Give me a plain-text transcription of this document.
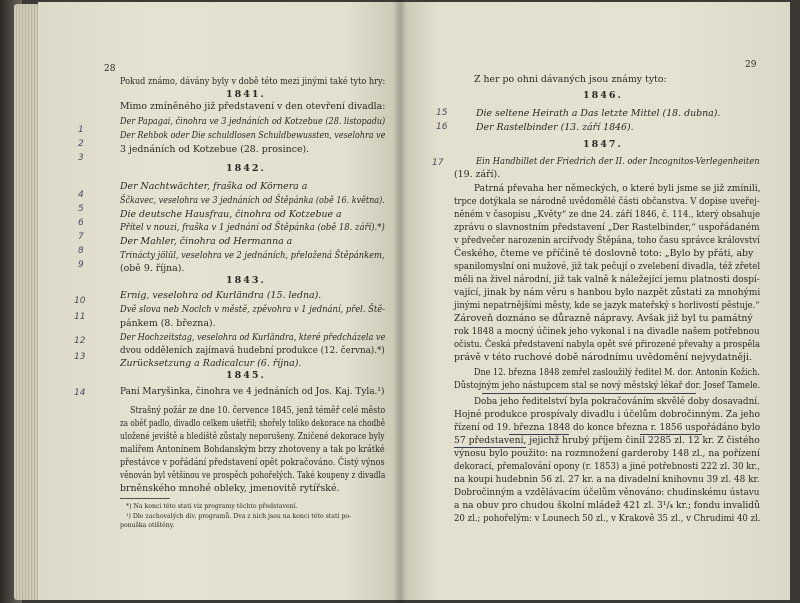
28
Pokud známo, dávány byly v době této mezi jinými také tyto hry:
1841.
Mimo zmíněného již představení v den otevření divadla:
Der Papagai, činohra ve 3 jednáních od Kotzebue (28. listopadu)
Der Rehbok oder Die schuldlosen Schuldbewussten, veselohra ve
3 jednáních od Kotzebue (28. prosince).
1842.
Der Nachtwächter, fraška od Körnera a
Ščkavec, veselohra ve 3 jednáních od Štěpánka (obě 16. května).
Die deutsche Hausfrau, činohra od Kotzebue a
Přítel v nouzi, fraška v 1 jednání od Štěpánka (obě 18. září).*)
Der Mahler, činohra od Hermanna a
Trinácty jölül, veselohra ve 2 jednáních, přeložená Štěpánkem,
(obě 9. října).
1843.
Ernig, veselohra od Kurländra (15. ledna).
Dvě slova neb Noclch v městě, zpěvohra v 1 jednání, přel. Ště-
pánkem (8. března).
Der Hochzeitstag, veselohra od Kurländra, které předcházela ve
dvou odděleních zajímavá hudební produkce (12. června).*)
Zurücksetzung a Radicalcur (6. října).
1845.
Paní Maryšinka, činohra ve 4 jednáních od Jos. Kaj. Tyla.¹)
Strašný požár ze dne 10. července 1845, jenž téměř celé město
za oběť padlo, divadlo celkem ušetřil; shořely toliko dekorace na chodbě
uložené jeviště a hlediště zůstaly neporušeny. Zničené dekorace byly
malířem Antonínem Bohdanským brzy zhotoveny a tak po krátké
přestávce v pořádání představení opět pokračováno. Čistý výnos
věnován byl většinou ve prospěch pohořelých. Také koupeny z divadla
brněnského mnohé obleky, jmenovitě rytířské.
*) Na konci této stati viz programy těchto představení.
¹) Dle zachovalých div. programů. Dva z nich jsou na konci této stati po-
ponuška otištěny.
1
2
3
4
5
6
7
8
9
10
11
12
13
14
29
Z her po ohni dávaných jsou známy tyto:
1846.
Die seltene Heirath a Das letzte Mittel (18. dubna).
Der Rastelbinder (13. září 1846).
1847.
Ein Handbillet der Friedrich der II. oder Incognitos-Verlegenheiten
(19. září).
Patrná převaha her německých, o které byli jsme se již zmínili,
trpce dotýkala se národně uvědomělé části občanstva. V dopise uveřej-
něném v časopisu „Květy“ ze dne 24. září 1846, č. 114., který obsahuje
zprávu o slavnostním představení „Der Rastelbinder,“ uspořádaném
v předvečer narozenin arciřvody Štěpána, toho času správce království
Českého, čteme ve příčině té doslovně toto: „Bylo by přáti, aby
spanilomyslní oni mužové, již tak pečují o zvelebení divadla, též zřetel
měli na živel národní, již tak valně k náležející jemu platnosti dospí-
vající, jinak by nám věru s hanbou bylo nazpět zůstati za mnohými
jinými nepatrnějšími městy, kde se jazyk mateřský s horlivostí pěstuje.“
Zároveň doznáno se důrazně nápravy. Avšak již byl tu památný
rok 1848 a mocný účinek jeho vykonal i na divadle našem potřebnou
očistu. Česká představení nabyla opět své přirozené převahy a prospěla
právě v této ruchové době národnímu uvědomění nejvydatněji.
Dne 12. března 1848 zemřel zasloužilý ředitel M. dor. Antonín Kožich.
Důstojným jeho nástupcem stal se nový městský lékař dor. Josef Tamele.
Doba jeho ředitelství byla pokračováním skvělé doby dosavadní.
Hojné produkce prospívaly divadlu i účelům dobročinným. Za jeho
řízení od 19. března 1848 do konce března r. 1856 uspořádáno bylo
57 představení, jejichž hrubý příjem činil 2285 zl. 12 kr. Z čistého
výnosu bylo použito: na rozmnožení garderoby 148 zl., na pořízení
dekorací, přemalování opony (r. 1853) a jiné potřebnosti 222 zl. 30 kr.,
na koupi hudebnin 56 zl. 27 kr. a na divadelní knihovnu 39 zl. 48 kr.
Dobročinným a vzdělávacím účelům věnováno: chudinskému ústavu
a na obuv pro chudou školní mládež 421 zl. 3¹/₄ kr.; fondu invalidů
20 zl.; pohořelým: v Lounech 50 zl., v Krakově 35 zl., v Chrudimi 40 zl.
15
16
17
